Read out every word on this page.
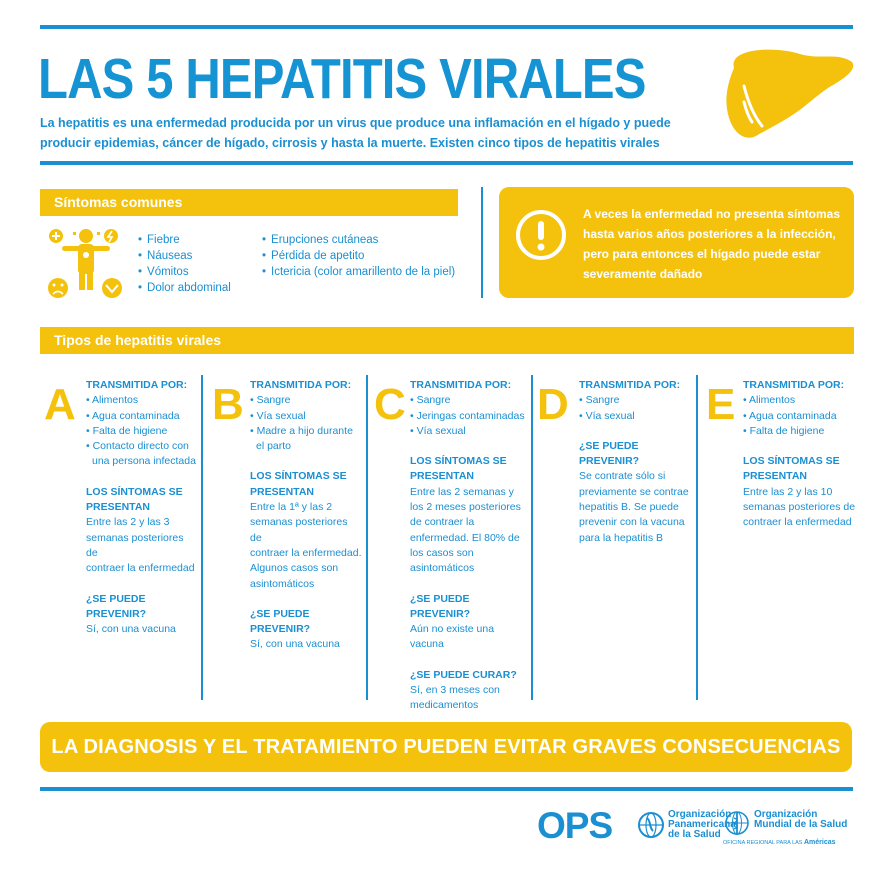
LAS 5 HEPATITIS VIRALES
La hepatitis es una enfermedad producida por un virus que produce una inflamación en el hígado y puede
producir epidemias, cáncer de hígado, cirrosis y hasta la muerte. Existen cinco tipos de hepatitis virales
Síntomas comunes
• Fiebre
• Náuseas
• Vómitos
• Dolor abdominal
• Erupciones cutáneas
• Pérdida de apetito
• Ictericia (color amarillento de la piel)
A veces la enfermedad no presenta síntomas
hasta varios años posteriores a la infección,
pero para entonces el hígado puede estar
severamente dañado
Tipos de hepatitis virales
A TRANSMITIDA POR:
• Alimentos
• Agua contaminada
• Falta de higiene
• Contacto directo con
una persona infectada
LOS SÍNTOMAS SE
PRESENTAN
Entre las 2 y las 3
semanas posteriores de
contraer la enfermedad
¿SE PUEDE PREVENIR?
Sí, con una vacuna
B TRANSMITIDA POR:
• Sangre
• Vía sexual
• Madre a hijo durante
el parto
LOS SÍNTOMAS SE
PRESENTAN
Entre la 1ª y las 2
semanas posteriores de
contraer la enfermedad.
Algunos casos son
asintomáticos
¿SE PUEDE PREVENIR?
Sí, con una vacuna
C TRANSMITIDA POR:
• Sangre
• Jeringas contaminadas
• Vía sexual
LOS SÍNTOMAS SE
PRESENTAN
Entre las 2 semanas y
los 2 meses posteriores
de contraer la
enfermedad. El 80% de
los casos son
asintomáticos
¿SE PUEDE PREVENIR?
Aún no existe una
vacuna
¿SE PUEDE CURAR?
Sí, en 3 meses con
medicamentos
D TRANSMITIDA POR:
• Sangre
• Vía sexual
¿SE PUEDE PREVENIR?
Se contrate sólo si
previamente se contrae
hepatitis B. Se puede
prevenir con la vacuna
para la hepatitis B
E TRANSMITIDA POR:
• Alimentos
• Agua contaminada
• Falta de higiene
LOS SÍNTOMAS SE
PRESENTAN
Entre las 2 y las 10
semanas posteriores de
contraer la enfermedad
LA DIAGNOSIS Y EL TRATAMIENTO PUEDEN EVITAR GRAVES CONSECUENCIAS
OPS	Organización
Panamericana
de la Salud
Organización
Mundial de la Salud
OFICINA REGIONAL PARA LAS Américas
